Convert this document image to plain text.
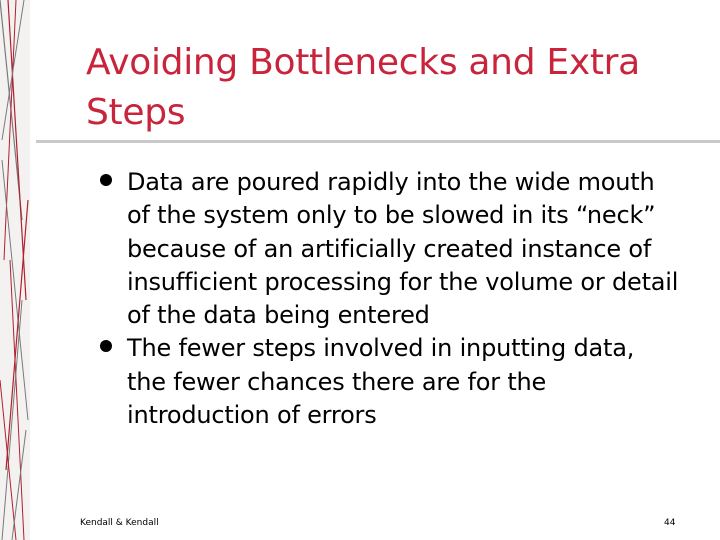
Avoiding Bottlenecks and Extra
Steps
Data are poured rapidly into the wide mouth
of the system only to be slowed in its “neck”
because of an artificially created instance of
insufficient processing for the volume or detail
of the data being entered
The fewer steps involved in inputting data,
the fewer chances there are for the
introduction of errors
Kendall & Kendall	44
